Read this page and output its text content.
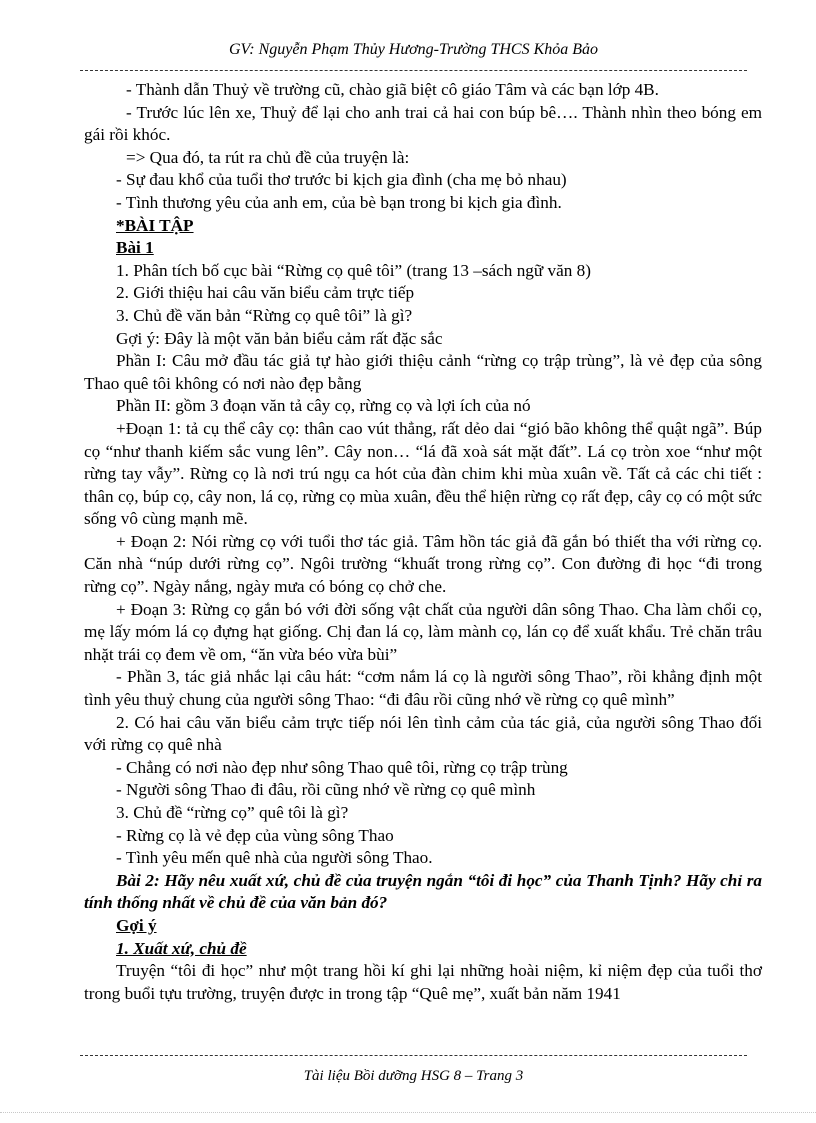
GV: Nguyễn Phạm Thủy Hương-Trường THCS Khỏa Bảo

- Thành dẫn Thuỷ về trường cũ, chào giã biệt cô giáo Tâm và các bạn lớp 4B.

- Trước lúc lên xe, Thuỷ để lại cho anh trai cả hai con búp bê…. Thành nhìn theo bóng em gái rồi khóc.

=> Qua đó, ta rút ra chủ đề của truyện là:

- Sự đau khổ của tuổi thơ trước bi kịch gia đình (cha mẹ bỏ nhau)

- Tình thương yêu của anh em, của bè bạn trong bi kịch gia đình.

*BÀI TẬP

Bài 1

1. Phân tích bố cục bài “Rừng cọ quê tôi” (trang 13 –sách ngữ văn 8)

2. Giới thiệu hai câu văn biểu cảm trực tiếp

3. Chủ đề văn bản “Rừng cọ quê tôi” là gì?

Gợi ý: Đây là một văn bản biểu cảm rất đặc sắc

Phần I: Câu mở đầu tác giả tự hào giới thiệu cảnh “rừng cọ trập trùng”, là vẻ đẹp của sông Thao quê tôi không có nơi nào đẹp bằng

Phần II: gồm 3 đoạn văn tả cây cọ, rừng cọ và lợi ích của nó

+Đoạn 1: tả cụ thể cây cọ: thân cao vút thẳng, rất dẻo dai “gió bão không thể quật ngã”. Búp cọ “như thanh kiếm sắc vung lên”. Cây non… “lá đã xoà sát mặt đất”. Lá cọ tròn xoe “như một rừng tay vẫy”. Rừng cọ là nơi trú ngụ ca hót của đàn chim khi mùa xuân về. Tất cả các chi tiết : thân cọ, búp cọ, cây non, lá cọ, rừng cọ mùa xuân, đều thể hiện rừng cọ rất đẹp, cây cọ có một sức sống vô cùng mạnh mẽ.

+ Đoạn 2: Nói rừng cọ với tuổi thơ tác giả. Tâm hồn tác giả đã gắn bó thiết tha với rừng cọ. Căn nhà “núp dưới rừng cọ”. Ngôi trường “khuất trong rừng cọ”. Con đường đi học “đi trong rừng cọ”. Ngày nắng, ngày mưa có bóng cọ chở che.

+ Đoạn 3: Rừng cọ gắn bó với đời sống vật chất của người dân sông Thao. Cha làm chổi cọ, mẹ lấy móm lá cọ đựng hạt giống. Chị đan lá cọ, làm mành cọ, lán cọ để xuất khẩu. Trẻ chăn trâu nhặt trái cọ đem về om, “ăn vừa béo vừa bùi”

- Phần 3, tác giả nhắc lại câu hát: “cơm nắm lá cọ là người sông Thao”, rồi khẳng định một tình yêu thuỷ chung của người sông Thao: “đi đâu rồi cũng nhớ về rừng cọ quê mình”

2. Có hai câu văn biểu cảm trực tiếp nói lên tình cảm của tác giả, của người sông Thao đối với rừng cọ quê nhà

- Chẳng có nơi nào đẹp như sông Thao quê tôi, rừng cọ trập trùng

- Người sông Thao đi đâu, rồi cũng nhớ về rừng cọ quê mình

3. Chủ đề “rừng cọ” quê tôi là gì?

- Rừng cọ là vẻ đẹp của vùng sông Thao

- Tình yêu mến quê nhà của người sông Thao.

Bài 2: Hãy nêu xuất xứ, chủ đề của truyện ngắn “tôi đi học” của Thanh Tịnh? Hãy chỉ ra tính thống nhất về chủ đề của văn bản đó?

Gợi ý

1. Xuất xứ, chủ đề

Truyện “tôi đi học” như một trang hồi kí ghi lại những hoài niệm, kỉ niệm đẹp của tuổi thơ trong buổi tựu trường, truyện được in trong tập “Quê mẹ”, xuất bản năm 1941

Tài liệu Bồi dưỡng HSG 8 – Trang 3
